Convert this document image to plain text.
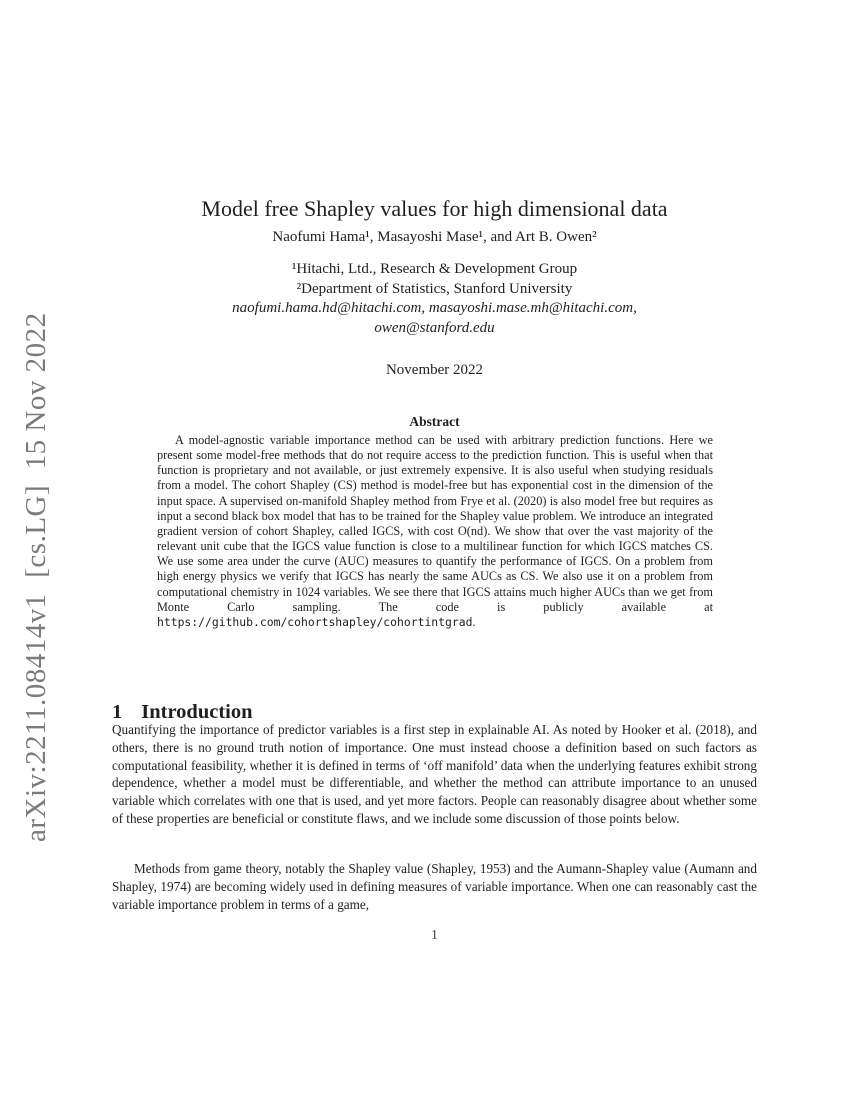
arXiv:2211.08414v1  [cs.LG]  15 Nov 2022
Model free Shapley values for high dimensional data
Naofumi Hama¹, Masayoshi Mase¹, and Art B. Owen²
¹Hitachi, Ltd., Research & Development Group
²Department of Statistics, Stanford University
naofumi.hama.hd@hitachi.com, masayoshi.mase.mh@hitachi.com,
owen@stanford.edu
November 2022
Abstract

A model-agnostic variable importance method can be used with arbitrary prediction functions. Here we present some model-free methods that do not require access to the prediction function. This is useful when that function is proprietary and not available, or just extremely expensive. It is also useful when studying residuals from a model. The cohort Shapley (CS) method is model-free but has exponential cost in the dimension of the input space. A supervised on-manifold Shapley method from Frye et al. (2020) is also model free but requires as input a second black box model that has to be trained for the Shapley value problem. We introduce an integrated gradient version of cohort Shapley, called IGCS, with cost O(nd). We show that over the vast majority of the relevant unit cube that the IGCS value function is close to a multilinear function for which IGCS matches CS. We use some area under the curve (AUC) measures to quantify the performance of IGCS. On a problem from high energy physics we verify that IGCS has nearly the same AUCs as CS. We also use it on a problem from computational chemistry in 1024 variables. We see there that IGCS attains much higher AUCs than we get from Monte Carlo sampling. The code is publicly available at https://github.com/cohortshapley/cohortintgrad.

1 Introduction

Quantifying the importance of predictor variables is a first step in explainable AI. As noted by Hooker et al. (2018), and others, there is no ground truth notion of importance. One must instead choose a definition based on such factors as computational feasibility, whether it is defined in terms of ‘off manifold’ data when the underlying features exhibit strong dependence, whether a model must be differentiable, and whether the method can attribute importance to an unused variable which correlates with one that is used, and yet more factors. People can reasonably disagree about whether some of these properties are beneficial or constitute flaws, and we include some discussion of those points below.

Methods from game theory, notably the Shapley value (Shapley, 1953) and the Aumann-Shapley value (Aumann and Shapley, 1974) are becoming widely used in defining measures of variable importance. When one can reasonably cast the variable importance problem in terms of a game,

1
